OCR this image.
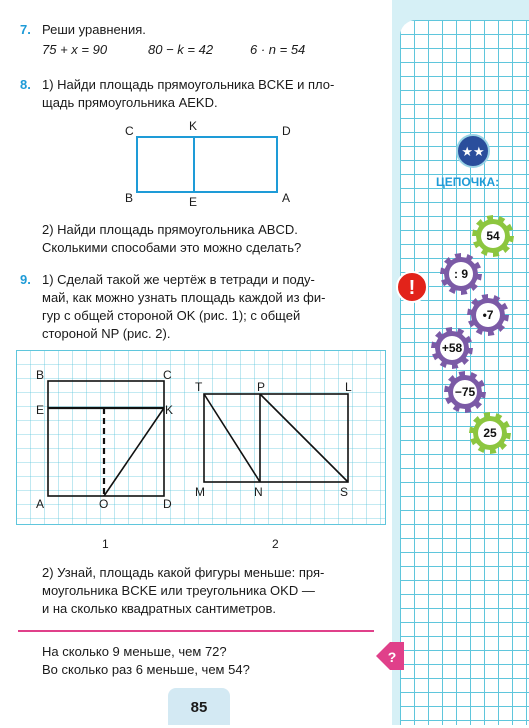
7. Реши уравнения.
75 + x = 90	80 − k = 42	6 · n = 54
8. 1) Найди площадь прямоугольника BCKE и пло-
щадь прямоугольника AEKD.
C	K	D
B	E	A
2) Найди площадь прямоугольника ABCD.
Сколькими способами это можно сделать?
9. 1) Сделай такой же чертёж в тетради и поду-
май, как можно узнать площадь каждой из фи-
гур с общей стороной OK (рис. 1); с общей
стороной NP (рис. 2).
B	C
E	K
A	O	D
T	P	L
M	N	S
1	2
2) Узнай, площадь какой фигуры меньше: пря-
моугольника BCKE или треугольника OKD —
и на сколько квадратных сантиметров.
На сколько 9 меньше, чем 72?
Во сколько раз 6 меньше, чем 54?
?
85
★★
ЦЕПОЧКА:
!
54
: 9
•7
+58
−75
25
